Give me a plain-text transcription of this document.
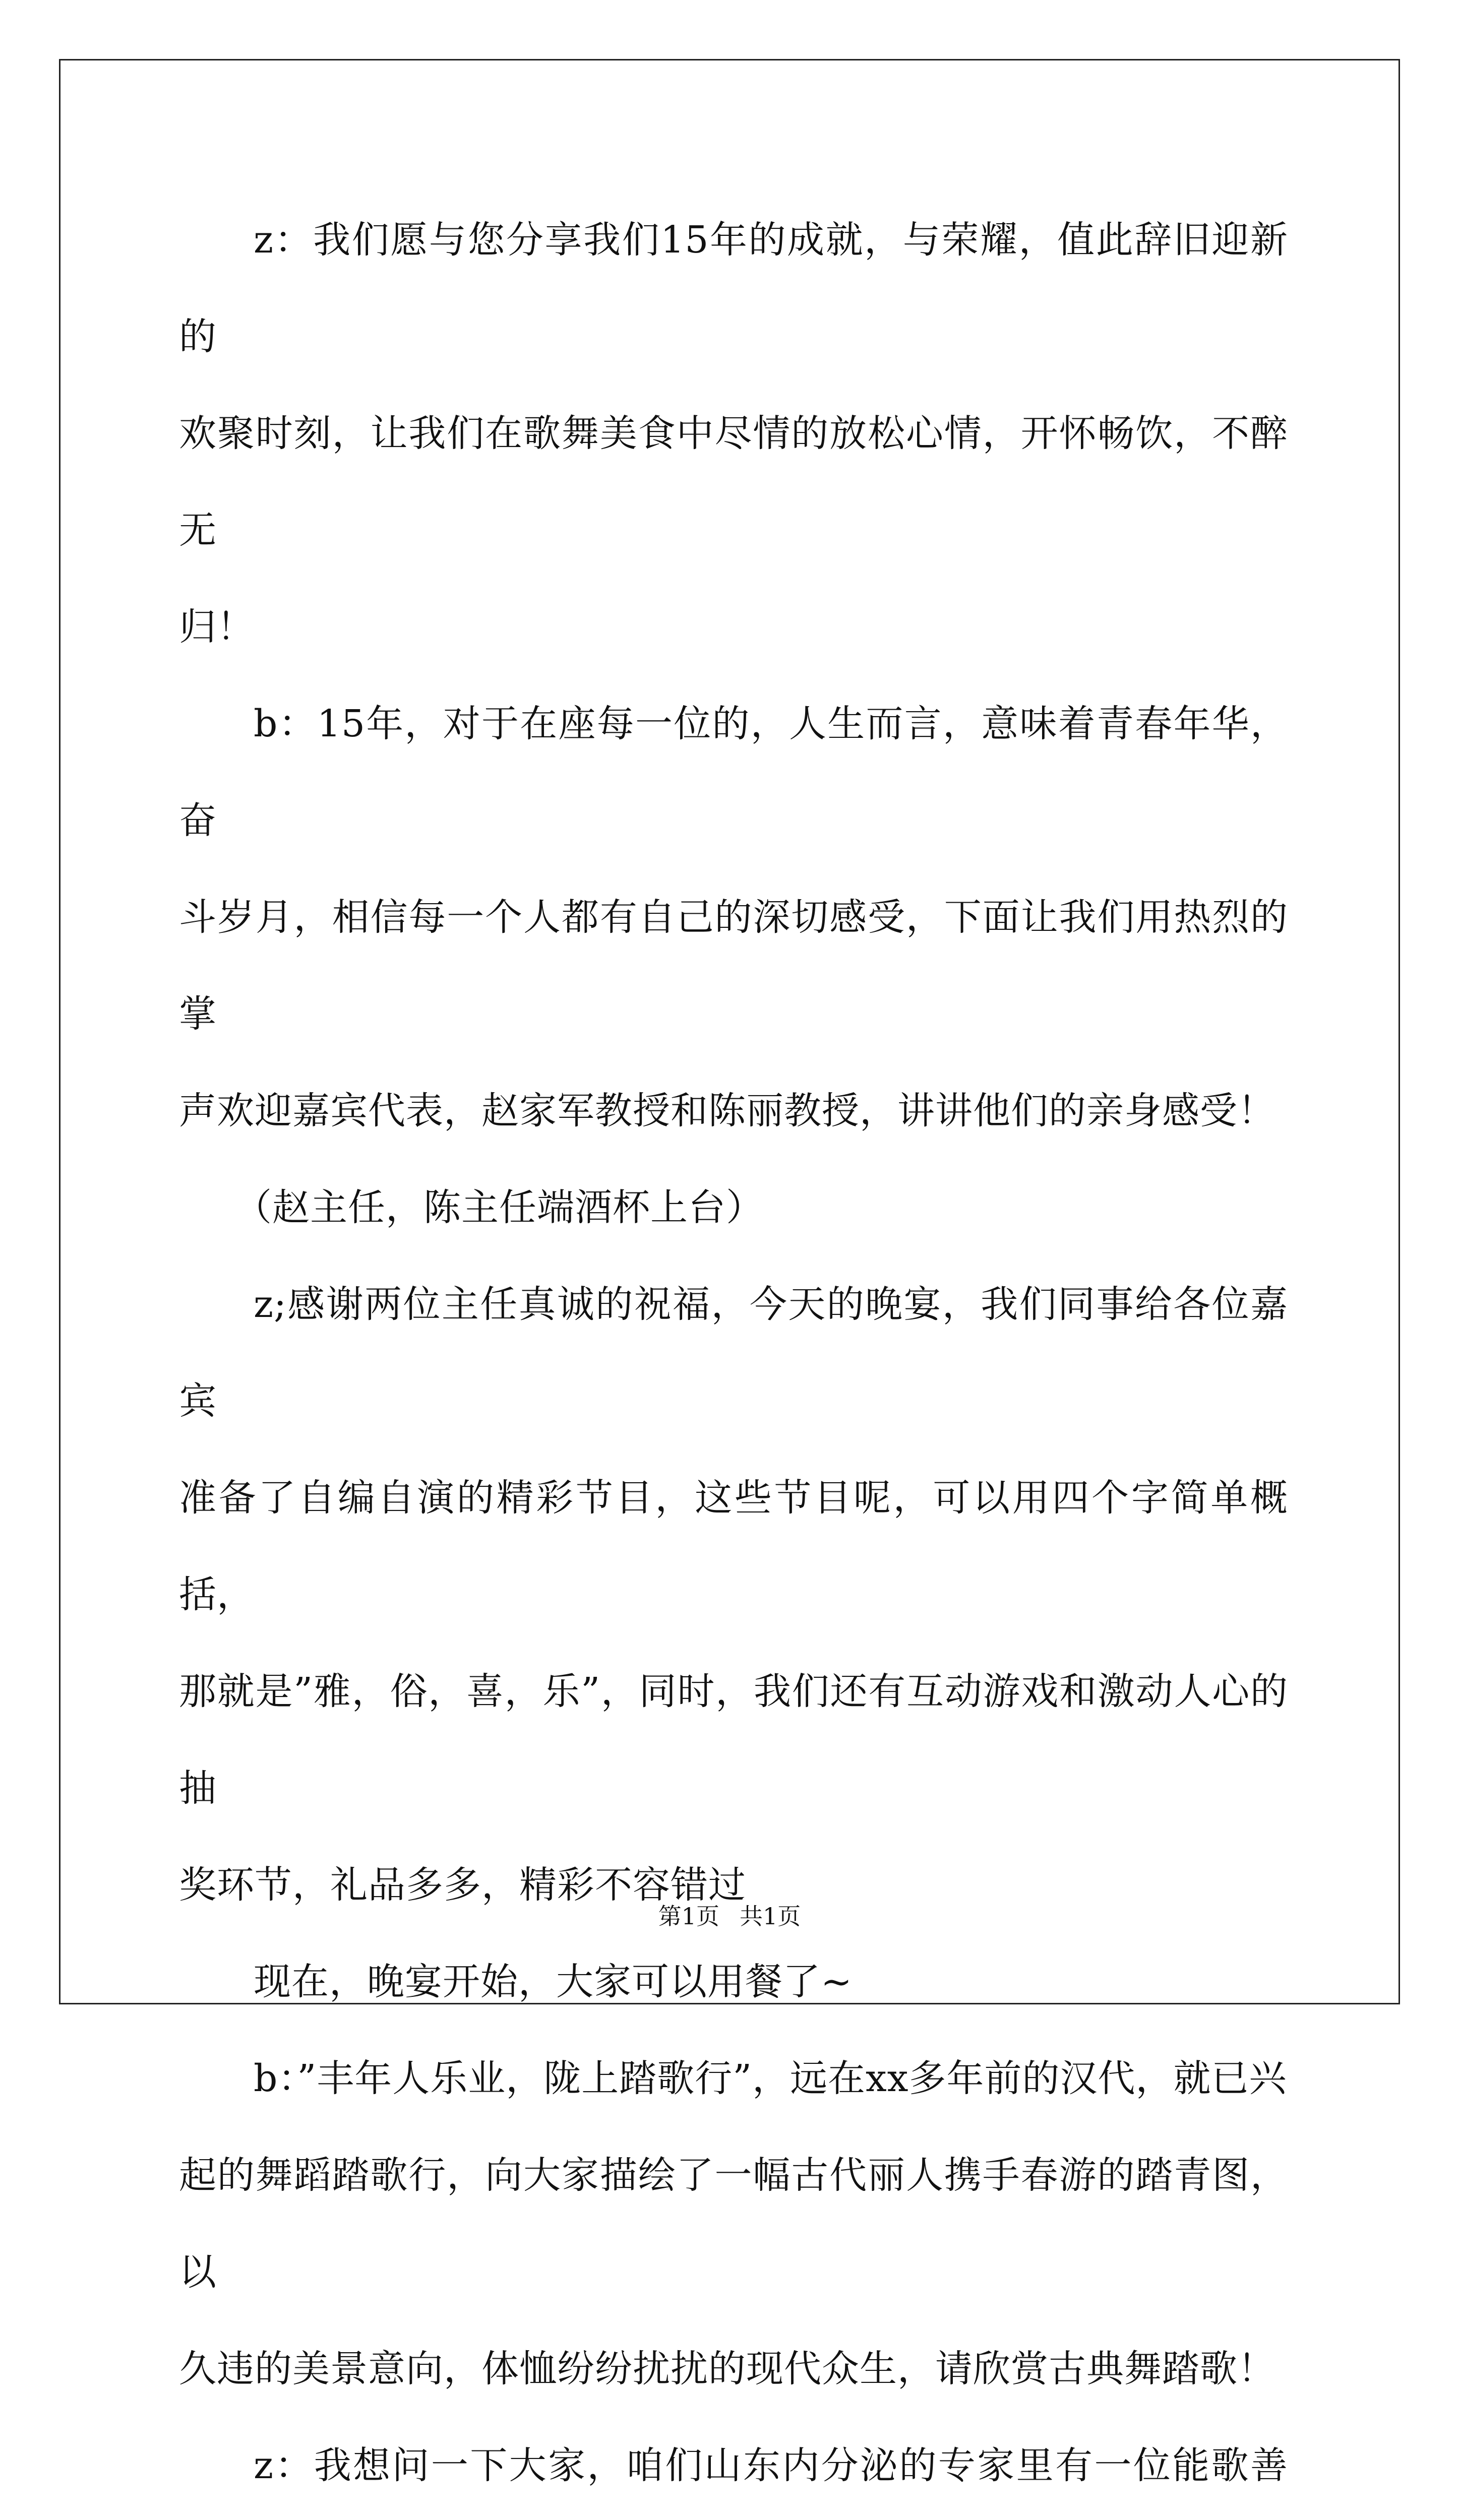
z：我们愿与您分享我们15年的成就，与荣耀，值此辞旧迎新的
欢聚时刻，让我们在歌舞美食中尽情的放松心情，开怀畅饮，不醉无
归！

b：15年，对于在座每一位的，人生而言，意味着青春年华，奋
斗岁月，相信每一个人都有自己的深切感受，下面让我们用热烈的掌
声欢迎嘉宾代表，赵家军教授和陈丽教授，讲讲他们的亲身感受！

（赵主任，陈主任端酒杯上台）

z;感谢两位主任真诚的祝福，今天的晚宴，我们同事给各位嘉宾
准备了自编自演的精彩节目，这些节目呢，可以用四个字简单概括，
那就是”雅，俗，喜，乐”，同时，我们还有互动游戏和激动人心的抽
奖环节，礼品多多，精彩不容错过

现在，晚宴开始，大家可以用餐了~

b：”丰年人乐业，陇上踏歌行”，远在xx多年前的汉代，就已兴
起的舞蹈踏歌行，向大家描绘了一幅古代丽人携手春游的踏青图，以
久违的美景意向，体恤纷纷扰扰的现代众生，请欣赏古典舞踏歌！

z：我想问一下大家，咱们山东内分泌的专家里有一位能歌善

第1页 共1页
